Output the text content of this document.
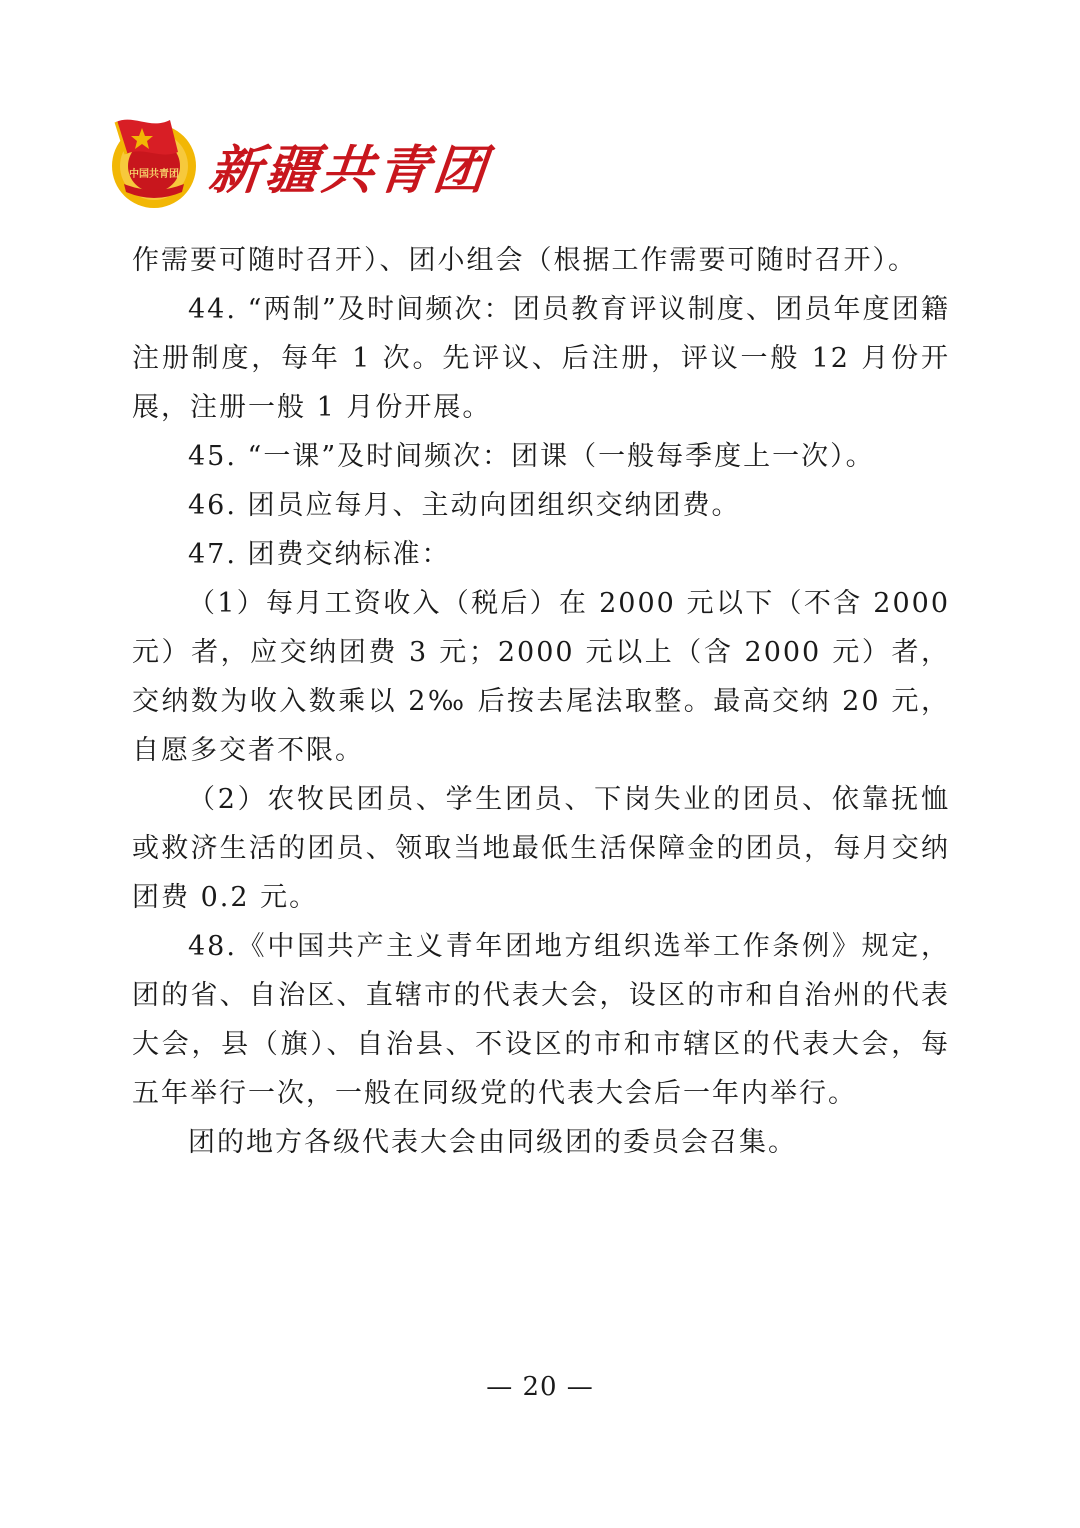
中国共青团 新疆共青团

作需要可随时召开）、团小组会（根据工作需要可随时召开）。

44. “两制”及时间频次：团员教育评议制度、团员年度团籍注册制度，每年 1 次。先评议、后注册，评议一般 12 月份开展，注册一般 1 月份开展。

45. “一课”及时间频次：团课（一般每季度上一次）。

46. 团员应每月、主动向团组织交纳团费。

47. 团费交纳标准：

（1）每月工资收入（税后）在 2000 元以下（不含 2000 元）者，应交纳团费 3 元；2000 元以上（含 2000 元）者，交纳数为收入数乘以 2‰ 后按去尾法取整。最高交纳 20 元，自愿多交者不限。

（2）农牧民团员、学生团员、下岗失业的团员、依靠抚恤或救济生活的团员、领取当地最低生活保障金的团员，每月交纳团费 0.2 元。

48.《中国共产主义青年团地方组织选举工作条例》规定，团的省、自治区、直辖市的代表大会，设区的市和自治州的代表大会，县（旗）、自治县、不设区的市和市辖区的代表大会，每五年举行一次，一般在同级党的代表大会后一年内举行。

团的地方各级代表大会由同级团的委员会召集。

— 20 —
